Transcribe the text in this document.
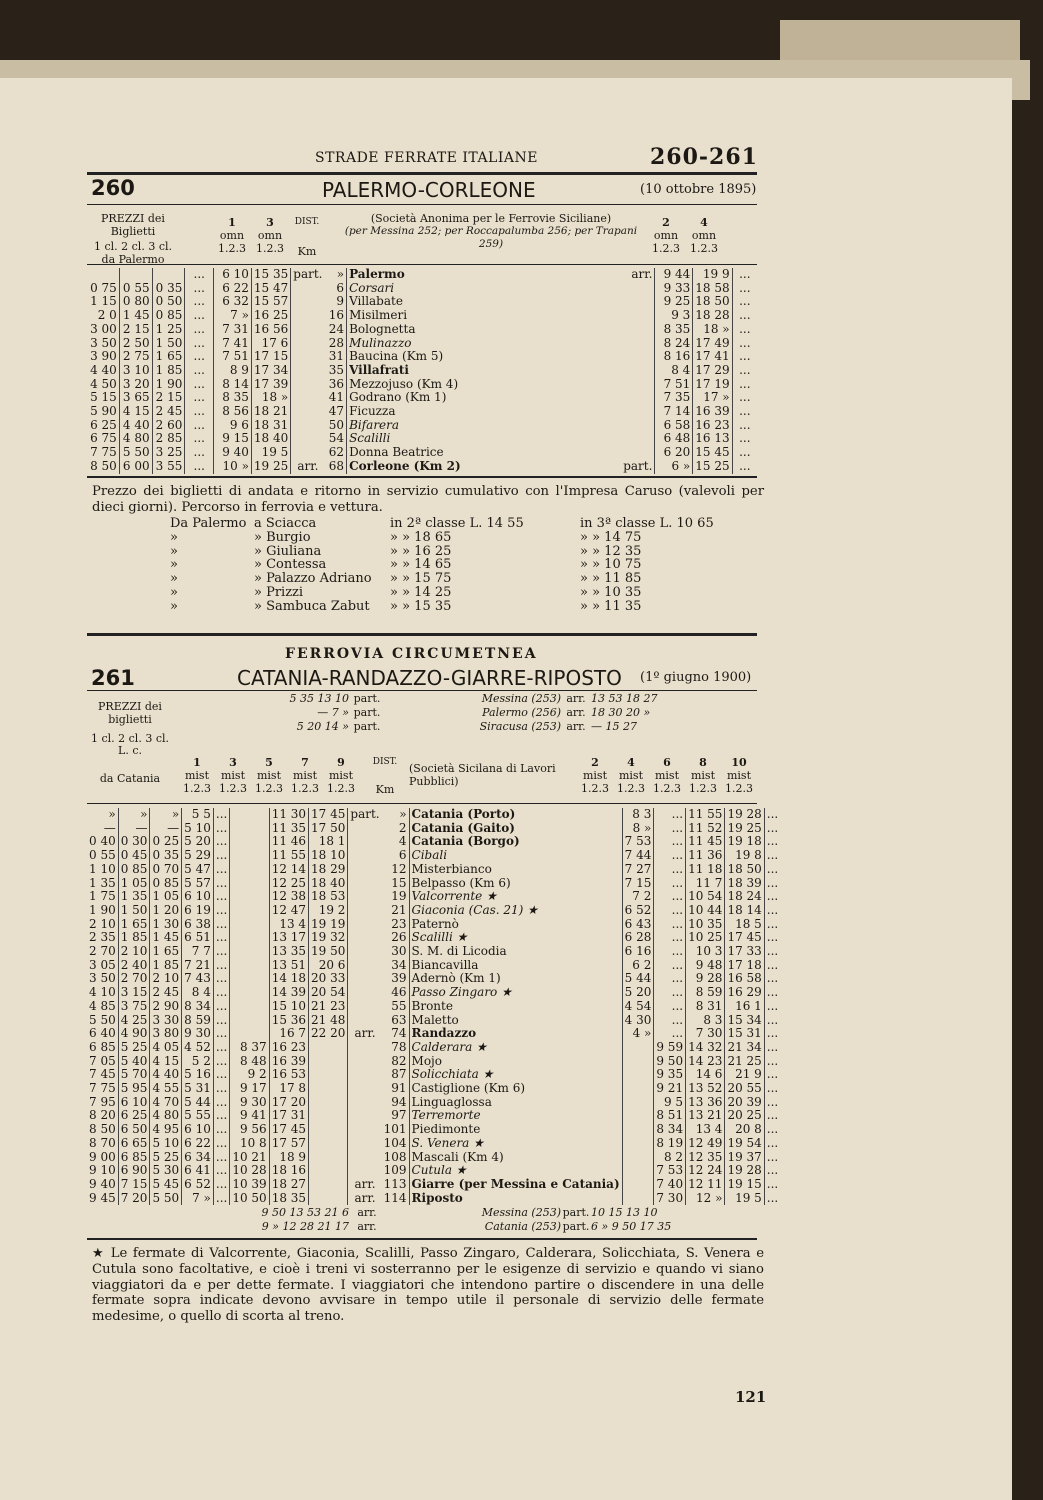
STRADE FERRATE ITALIANE	260-261
260	PALERMO-CORLEONE	(10 ottobre 1895)
PREZZI dei Biglietti
1 cl. 2 cl. 3 cl.
da Palermo
1
omn
1.2.3
3
omn
1.2.3
DIST.
Km
(Società Anonima per le Ferrovie Siciliane)
(per Messina 252; per Roccapalumba 256; per Trapani 259)
2
omn
1.2.3
4
omn
1.2.3
			...	6 10	15 35	part.	»	Palermo	arr.	9 44	19 9	...
0 75	0 55	0 35	...	6 22	15 47		6	Corsari		9 33	18 58	...
1 15	0 80	0 50	...	6 32	15 57		9	Villabate		9 25	18 50	...
2 0	1 45	0 85	...	7 »	16 25		16	Misilmeri		9 3	18 28	...
3 00	2 15	1 25	...	7 31	16 56		24	Bolognetta		8 35	18 »	...
3 50	2 50	1 50	...	7 41	17 6		28	Mulinazzo		8 24	17 49	...
3 90	2 75	1 65	...	7 51	17 15		31	Baucina (Km 5)		8 16	17 41	...
4 40	3 10	1 85	...	8 9	17 34		35	Villafrati		8 4	17 29	...
4 50	3 20	1 90	...	8 14	17 39		36	Mezzojuso (Km 4)		7 51	17 19	...
5 15	3 65	2 15	...	8 35	18 »		41	Godrano (Km 1)		7 35	17 »	...
5 90	4 15	2 45	...	8 56	18 21		47	Ficuzza		7 14	16 39	...
6 25	4 40	2 60	...	9 6	18 31		50	Bifarera		6 58	16 23	...
6 75	4 80	2 85	...	9 15	18 40		54	Scalilli		6 48	16 13	...
7 75	5 50	3 25	...	9 40	19 5		62	Donna Beatrice		6 20	15 45	...
8 50	6 00	3 55	...	10 »	19 25	arr.	68	Corleone (Km 2)	part.	6 »	15 25	...
Prezzo dei biglietti di andata e ritorno in servizio cumulativo con l'Impresa Caruso (valevoli per dieci giorni). Percorso in ferrovia e vettura.
Da Palermo a Sciacca	in 2ª classe L. 14 55	in 3ª classe L. 10 65
»	» Burgio	» » 18 65	» » 14 75
»	» Giuliana	» » 16 25	» » 12 35
»	» Contessa	» » 14 65	» » 10 75
»	» Palazzo Adriano » » 15 75	» » 11 85
»	» Prizzi	» » 14 25	» » 10 35
»	» Sambuca Zabut » » 15 35	» » 11 35
FERROVIA CIRCUMETNEA
261	CATANIA-RANDAZZO-GIARRE-RIPOSTO (1º giugno 1900)
PREZZI dei biglietti
1 cl. 2 cl. 3 cl.
L. c.
da Catania
5 35 13 10 part.	Messina (253) arr. 13 53 18 27
— 7 » part.	Palermo (256) arr. 18 30 20 »
5 20 14 » part.	Siracusa (253) arr. — 15 27
1
mist
1.2.3
3
mist
1.2.3
5
mist
1.2.3
7
mist
1.2.3
9
mist
1.2.3
DIST.
Km
(Società Sicilana di Lavori Pubblici)
2
mist
1.2.3
4
mist
1.2.3
6
mist
1.2.3
8
mist
1.2.3
10
mist
1.2.3
»	»	»	5 5	...		11 30	17 45	part.	»	Catania (Porto)	8 3	...	11 55	19 28	...
—	—	—	5 10	...		11 35	17 50		2	Catania (Gaito)	8 »	...	11 52	19 25	...
0 40	0 30	0 25	5 20	...		11 46	18 1		4	Catania (Borgo)	7 53	...	11 45	19 18	...
0 55	0 45	0 35	5 29	...		11 55	18 10		6	Cibali	7 44	...	11 36	19 8	...
1 10	0 85	0 70	5 47	...		12 14	18 29		12	Misterbianco	7 27	...	11 18	18 50	...
1 35	1 05	0 85	5 57	...		12 25	18 40		15	Belpasso (Km 6)	7 15	...	11 7	18 39	...
1 75	1 35	1 05	6 10	...		12 38	18 53		19	Valcorrente ★	7 2	...	10 54	18 24	...
1 90	1 50	1 20	6 19	...		12 47	19 2		21	Giaconia (Cas. 21) ★	6 52	...	10 44	18 14	...
2 10	1 65	1 30	6 38	...		13 4	19 19		23	Paternò	6 43	...	10 35	18 5	...
2 35	1 85	1 45	6 51	...		13 17	19 32		26	Scalilli ★	6 28	...	10 25	17 45	...
2 70	2 10	1 65	7 7	...		13 35	19 50		30	S. M. di Licodia	6 16	...	10 3	17 33	...
3 05	2 40	1 85	7 21	...		13 51	20 6		34	Biancavilla	6 2	...	9 48	17 18	...
3 50	2 70	2 10	7 43	...		14 18	20 33		39	Adernò (Km 1)	5 44	...	9 28	16 58	...
4 10	3 15	2 45	8 4	...		14 39	20 54		46	Passo Zingaro ★	5 20	...	8 59	16 29	...
4 85	3 75	2 90	8 34	...		15 10	21 23		55	Bronte	4 54	...	8 31	16 1	...
5 50	4 25	3 30	8 59	...		15 36	21 48		63	Maletto	4 30	...	8 3	15 34	...
6 40	4 90	3 80	9 30	...		16 7	22 20	arr.	74	Randazzo	4 »	...	7 30	15 31	...
6 85	5 25	4 05	4 52	...	8 37	16 23			78	Calderara ★		9 59	14 32	21 34	...
7 05	5 40	4 15	5 2	...	8 48	16 39			82	Mojo		9 50	14 23	21 25	...
7 45	5 70	4 40	5 16	...	9 2	16 53			87	Solicchiata ★		9 35	14 6	21 9	...
7 75	5 95	4 55	5 31	...	9 17	17 8			91	Castiglione (Km 6)		9 21	13 52	20 55	...
7 95	6 10	4 70	5 44	...	9 30	17 20			94	Linguaglossa		9 5	13 36	20 39	...
8 20	6 25	4 80	5 55	...	9 41	17 31			97	Terremorte		8 51	13 21	20 25	...
8 50	6 50	4 95	6 10	...	9 56	17 45			101	Piedimonte		8 34	13 4	20 8	...
8 70	6 65	5 10	6 22	...	10 8	17 57			104	S. Venera ★		8 19	12 49	19 54	...
9 00	6 85	5 25	6 34	...	10 21	18 9			108	Mascali (Km 4)		8 2	12 35	19 37	...
9 10	6 90	5 30	6 41	...	10 28	18 16			109	Cutula ★		7 53	12 24	19 28	...
9 40	7 15	5 45	6 52	...	10 39	18 27		arr.	113	Giarre (per Messina e Catania)		7 40	12 11	19 15	...
9 45	7 20	5 50	7 »	...	10 50	18 35		arr.	114	Riposto		7 30	12 »	19 5	...
9 50 13 53 21 6 arr.	Messina (253) part. 10 15 13 10
9 » 12 28 21 17 arr.	Catania (253) part. 6 » 9 50 17 35
★ Le fermate di Valcorrente, Giaconia, Scalilli, Passo Zingaro, Calderara, Solicchiata, S. Venera e Cutula sono facoltative, e cioè i treni vi sosterranno per le esigenze di servizio e quando vi siano viaggiatori da e per dette fermate. I viaggiatori che intendono partire o discendere in una delle fermate sopra indicate devono avvisare in tempo utile il personale di servizio delle fermate medesime, o quello di scorta al treno.
121
